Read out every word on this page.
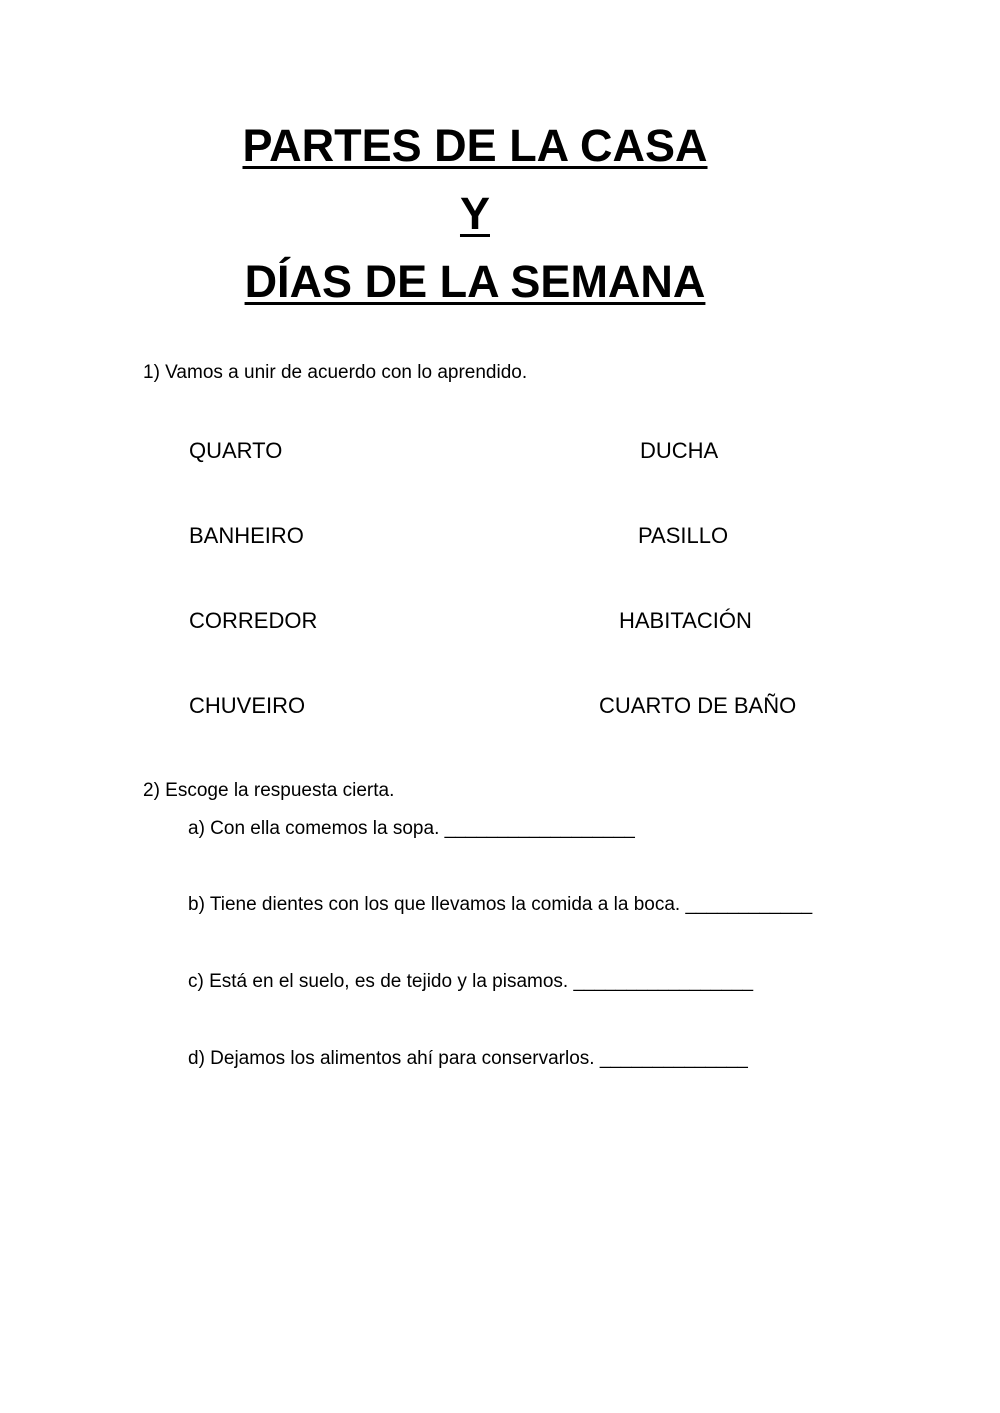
PARTES DE LA CASA
Y
DÍAS DE LA SEMANA
1) Vamos a unir de acuerdo con lo aprendido.
QUARTO
BANHEIRO
CORREDOR
CHUVEIRO
DUCHA
PASILLO
HABITACIÓN
CUARTO DE BAÑO
2) Escoge la respuesta cierta.
a) Con ella comemos la sopa. __________________
b) Tiene dientes con los que llevamos la comida a la boca. ____________
c) Está en el suelo, es de tejido y la pisamos. _________________
d) Dejamos los alimentos ahí para conservarlos. ______________
